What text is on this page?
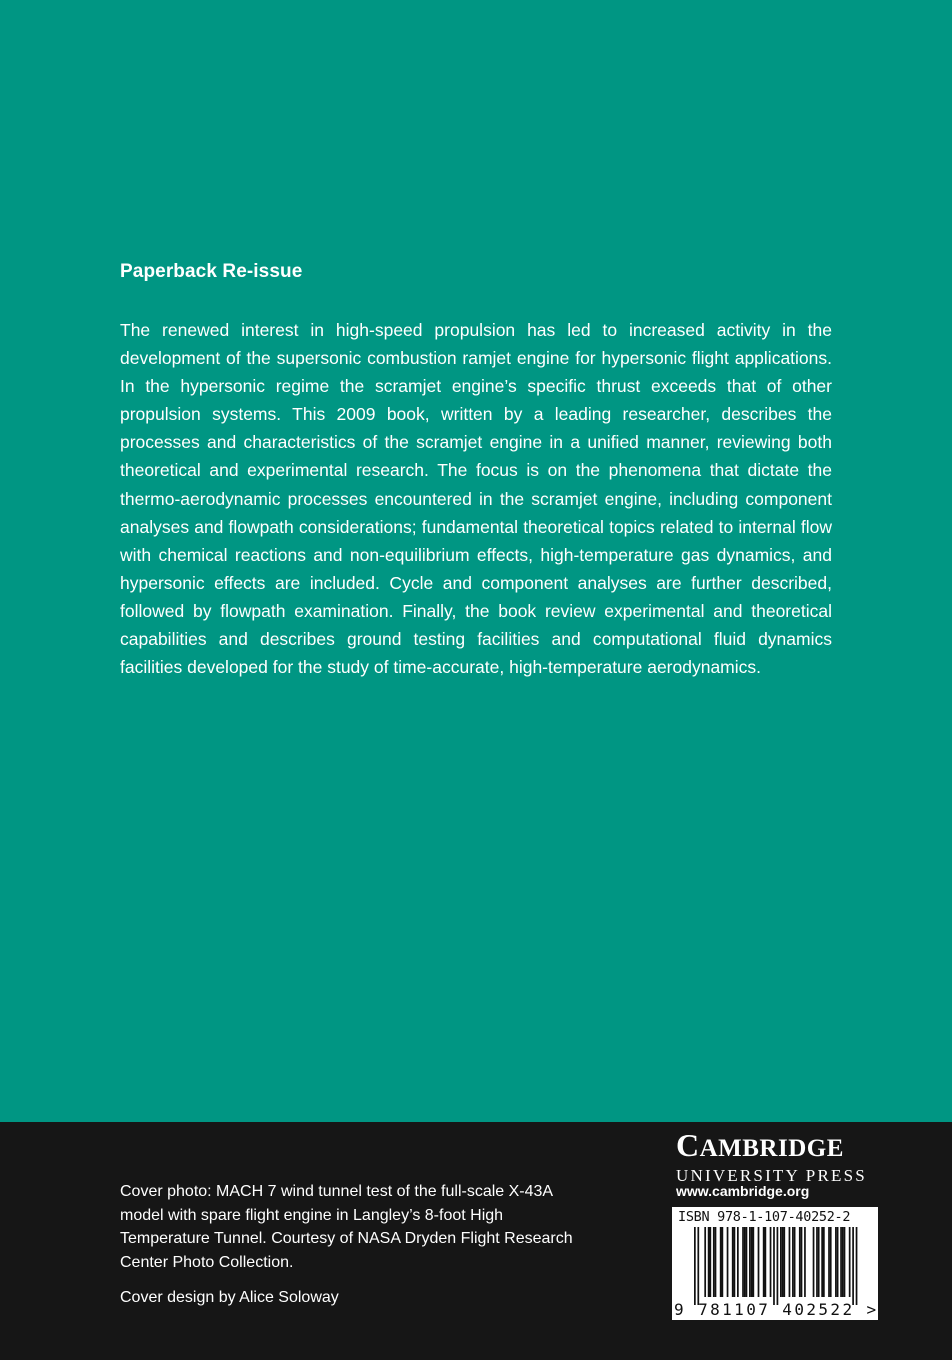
Paperback Re-issue
The renewed interest in high-speed propulsion has led to increased activity in the development of the supersonic combustion ramjet engine for hypersonic flight applications. In the hypersonic regime the scramjet engine’s specific thrust exceeds that of other propulsion systems. This 2009 book, written by a leading researcher, describes the processes and characteristics of the scramjet engine in a unified manner, reviewing both theoretical and experimental research. The focus is on the phenomena that dictate the thermo-aerodynamic processes encountered in the scramjet engine, including component analyses and flowpath considerations; fundamental theoretical topics related to internal flow with chemical reactions and non-equilibrium effects, high-temperature gas dynamics, and hypersonic effects are included. Cycle and component analyses are further described, followed by flowpath examination. Finally, the book review experimental and theoretical capabilities and describes ground testing facilities and computational fluid dynamics facilities developed for the study of time-accurate, high-temperature aerodynamics.
Cover photo: MACH 7 wind tunnel test of the full-scale X-43A model with spare flight engine in Langley’s 8-foot High Temperature Tunnel. Courtesy of NASA Dryden Flight Research Center Photo Collection.
Cover design by Alice Soloway
CAMBRIDGE
UNIVERSITY PRESS
www.cambridge.org
ISBN 978-1-107-40252-2
9 781107 402522 >
